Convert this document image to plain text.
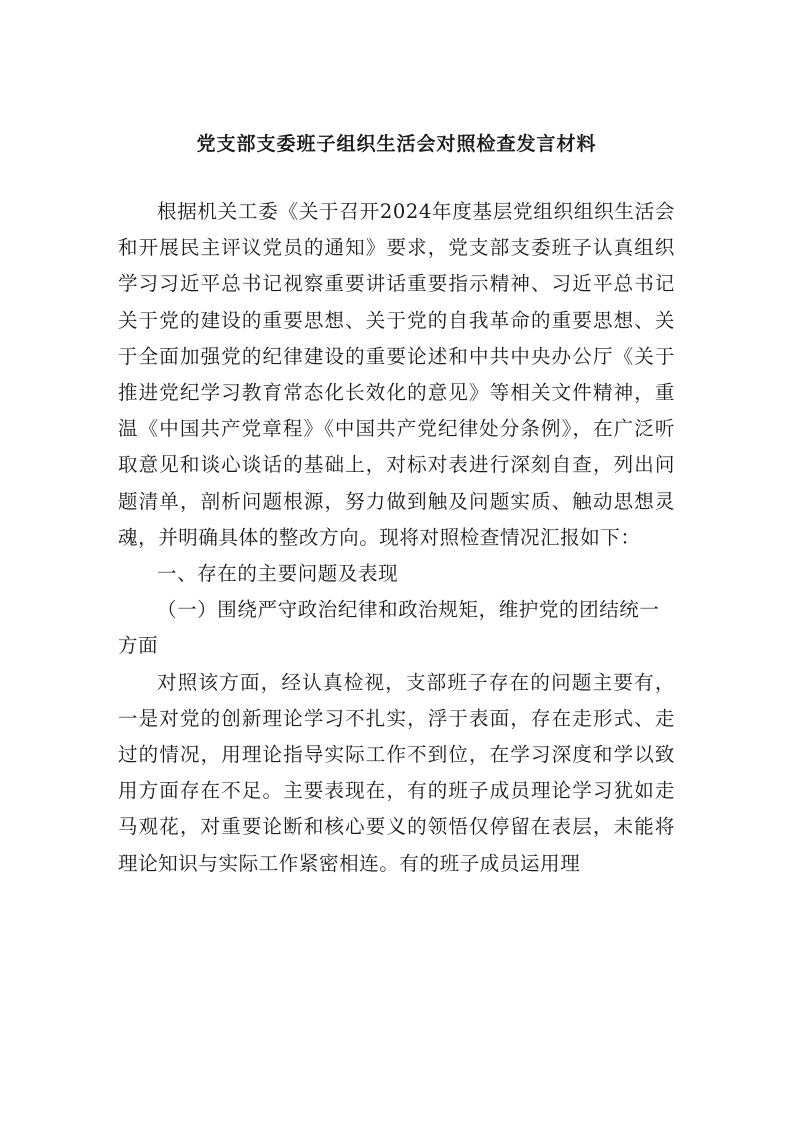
党支部支委班子组织生活会对照检查发言材料

根据机关工委《关于召开2024年度基层党组织组织生活会和开展民主评议党员的通知》要求，党支部支委班子认真组织学习习近平总书记视察重要讲话重要指示精神、习近平总书记关于党的建设的重要思想、关于党的自我革命的重要思想、关于全面加强党的纪律建设的重要论述和中共中央办公厅《关于推进党纪学习教育常态化长效化的意见》等相关文件精神，重温《中国共产党章程》《中国共产党纪律处分条例》，在广泛听取意见和谈心谈话的基础上，对标对表进行深刻自查，列出问题清单，剖析问题根源，努力做到触及问题实质、触动思想灵魂，并明确具体的整改方向。现将对照检查情况汇报如下：

一、存在的主要问题及表现

（一）围绕严守政治纪律和政治规矩，维护党的团结统一方面

对照该方面，经认真检视，支部班子存在的问题主要有，一是对党的创新理论学习不扎实，浮于表面，存在走形式、走过的情况，用理论指导实际工作不到位，在学习深度和学以致用方面存在不足。主要表现在，有的班子成员理论学习犹如走马观花，对重要论断和核心要义的领悟仅停留在表层，未能将理论知识与实际工作紧密相连。有的班子成员运用理
